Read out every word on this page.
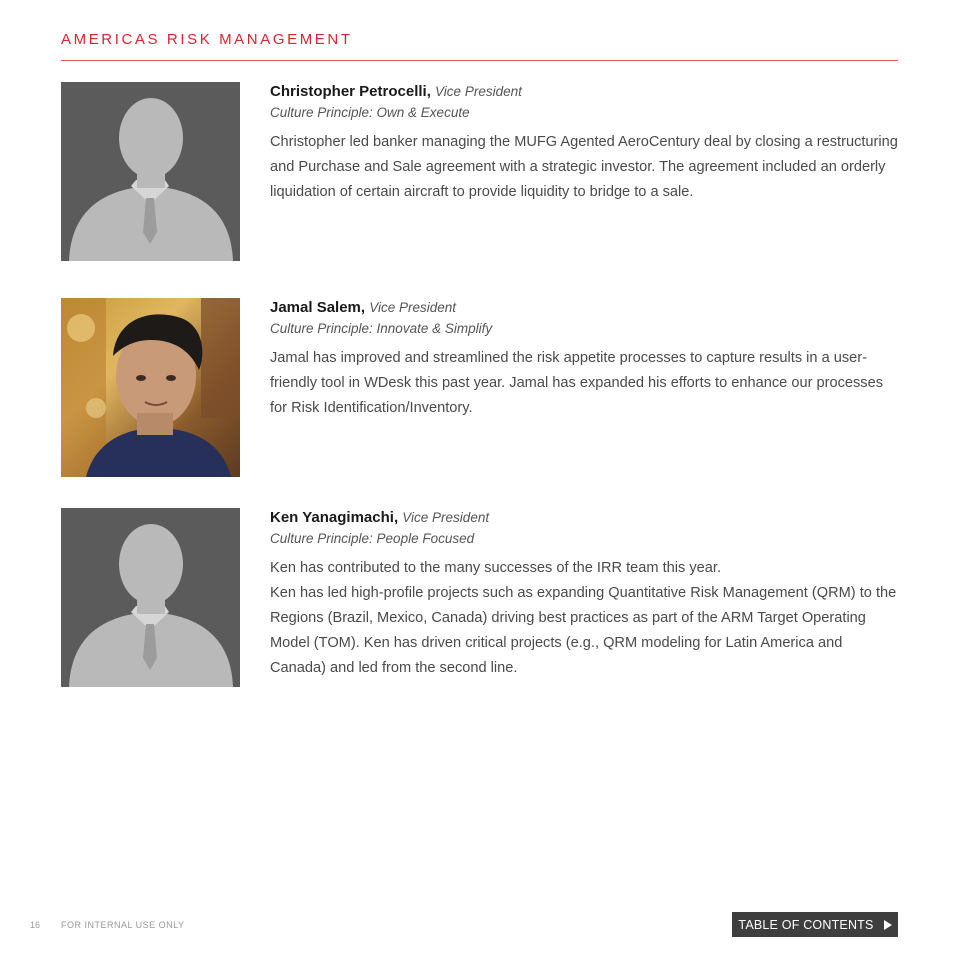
AMERICAS RISK MANAGEMENT

Christopher Petrocelli, Vice President

Culture Principle: Own & Execute

Christopher led banker managing the MUFG Agented AeroCentury deal by closing a restructuring and Purchase and Sale agreement with a strategic investor. The agreement included an orderly liquidation of certain aircraft to provide liquidity to bridge to a sale.

Jamal Salem, Vice President

Culture Principle: Innovate & Simplify

Jamal has improved and streamlined the risk appetite processes to capture results in a user-friendly tool in WDesk this past year. Jamal has expanded his efforts to enhance our processes for Risk Identification/Inventory.

Ken Yanagimachi, Vice President

Culture Principle: People Focused

Ken has contributed to the many successes of the IRR team this year.

Ken has led high-profile projects such as expanding Quantitative Risk Management (QRM) to the Regions (Brazil, Mexico, Canada) driving best practices as part of the ARM Target Operating Model (TOM). Ken has driven critical projects (e.g., QRM modeling for Latin America and Canada) and led from the second line.

16 FOR INTERNAL USE ONLY	TABLE OF CONTENTS
